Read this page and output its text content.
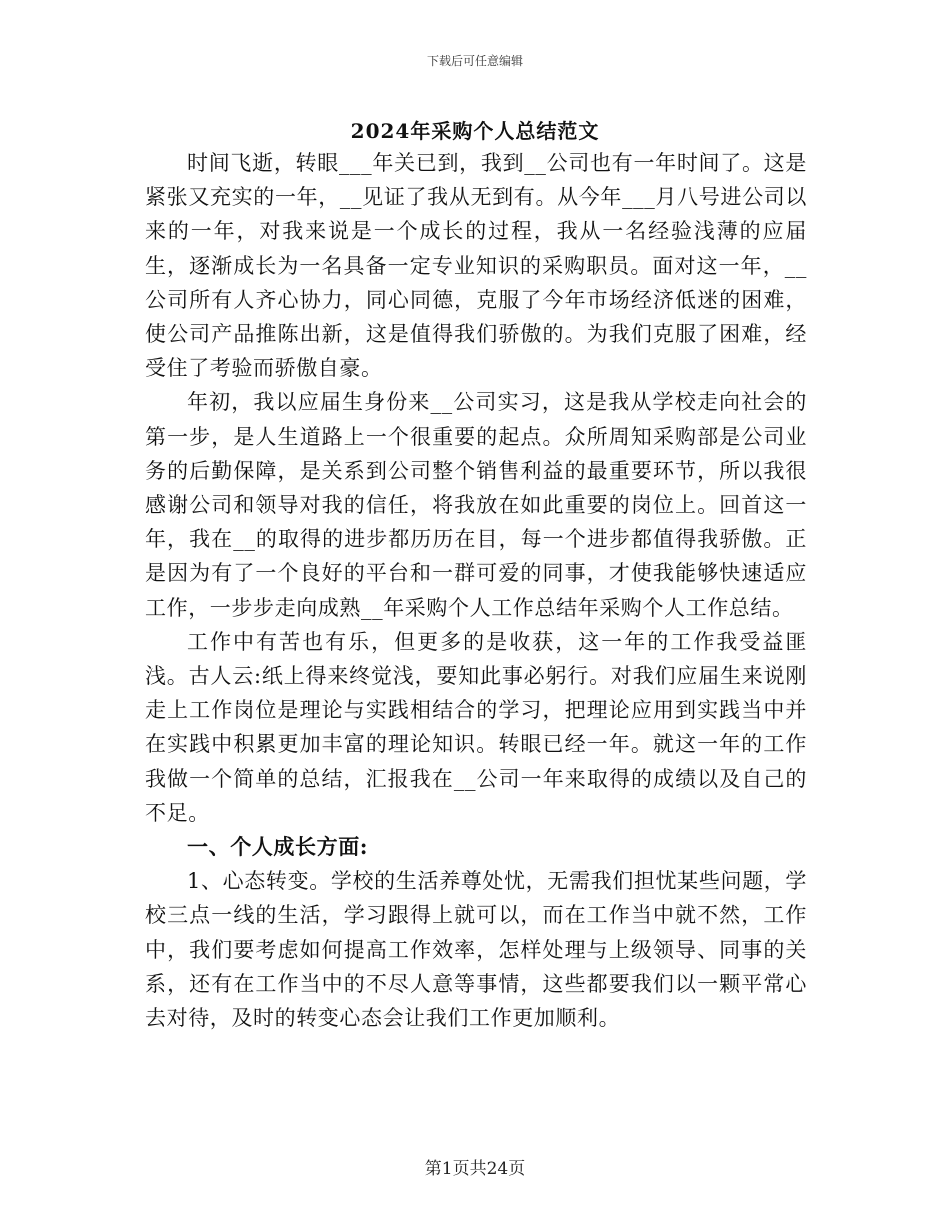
下载后可任意编辑
2024年采购个人总结范文

时间飞逝，转眼___年关已到，我到__公司也有一年时间了。这是紧张又充实的一年，__见证了我从无到有。从今年___月八号进公司以来的一年，对我来说是一个成长的过程，我从一名经验浅薄的应届生，逐渐成长为一名具备一定专业知识的采购职员。面对这一年，__公司所有人齐心协力，同心同德，克服了今年市场经济低迷的困难，使公司产品推陈出新，这是值得我们骄傲的。为我们克服了困难，经受住了考验而骄傲自豪。

年初，我以应届生身份来__公司实习，这是我从学校走向社会的第一步，是人生道路上一个很重要的起点。众所周知采购部是公司业务的后勤保障，是关系到公司整个销售利益的最重要环节，所以我很感谢公司和领导对我的信任，将我放在如此重要的岗位上。回首这一年，我在__的取得的进步都历历在目，每一个进步都值得我骄傲。正是因为有了一个良好的平台和一群可爱的同事，才使我能够快速适应工作，一步步走向成熟__年采购个人工作总结年采购个人工作总结。

工作中有苦也有乐，但更多的是收获，这一年的工作我受益匪浅。古人云:纸上得来终觉浅，要知此事必躬行。对我们应届生来说刚走上工作岗位是理论与实践相结合的学习，把理论应用到实践当中并在实践中积累更加丰富的理论知识。转眼已经一年。就这一年的工作我做一个简单的总结，汇报我在__公司一年来取得的成绩以及自己的不足。

一、个人成长方面:

1、心态转变。学校的生活养尊处忧，无需我们担忧某些问题，学校三点一线的生活，学习跟得上就可以，而在工作当中就不然，工作中，我们要考虑如何提高工作效率，怎样处理与上级领导、同事的关系，还有在工作当中的不尽人意等事情，这些都要我们以一颗平常心去对待，及时的转变心态会让我们工作更加顺利。

第1页共24页
